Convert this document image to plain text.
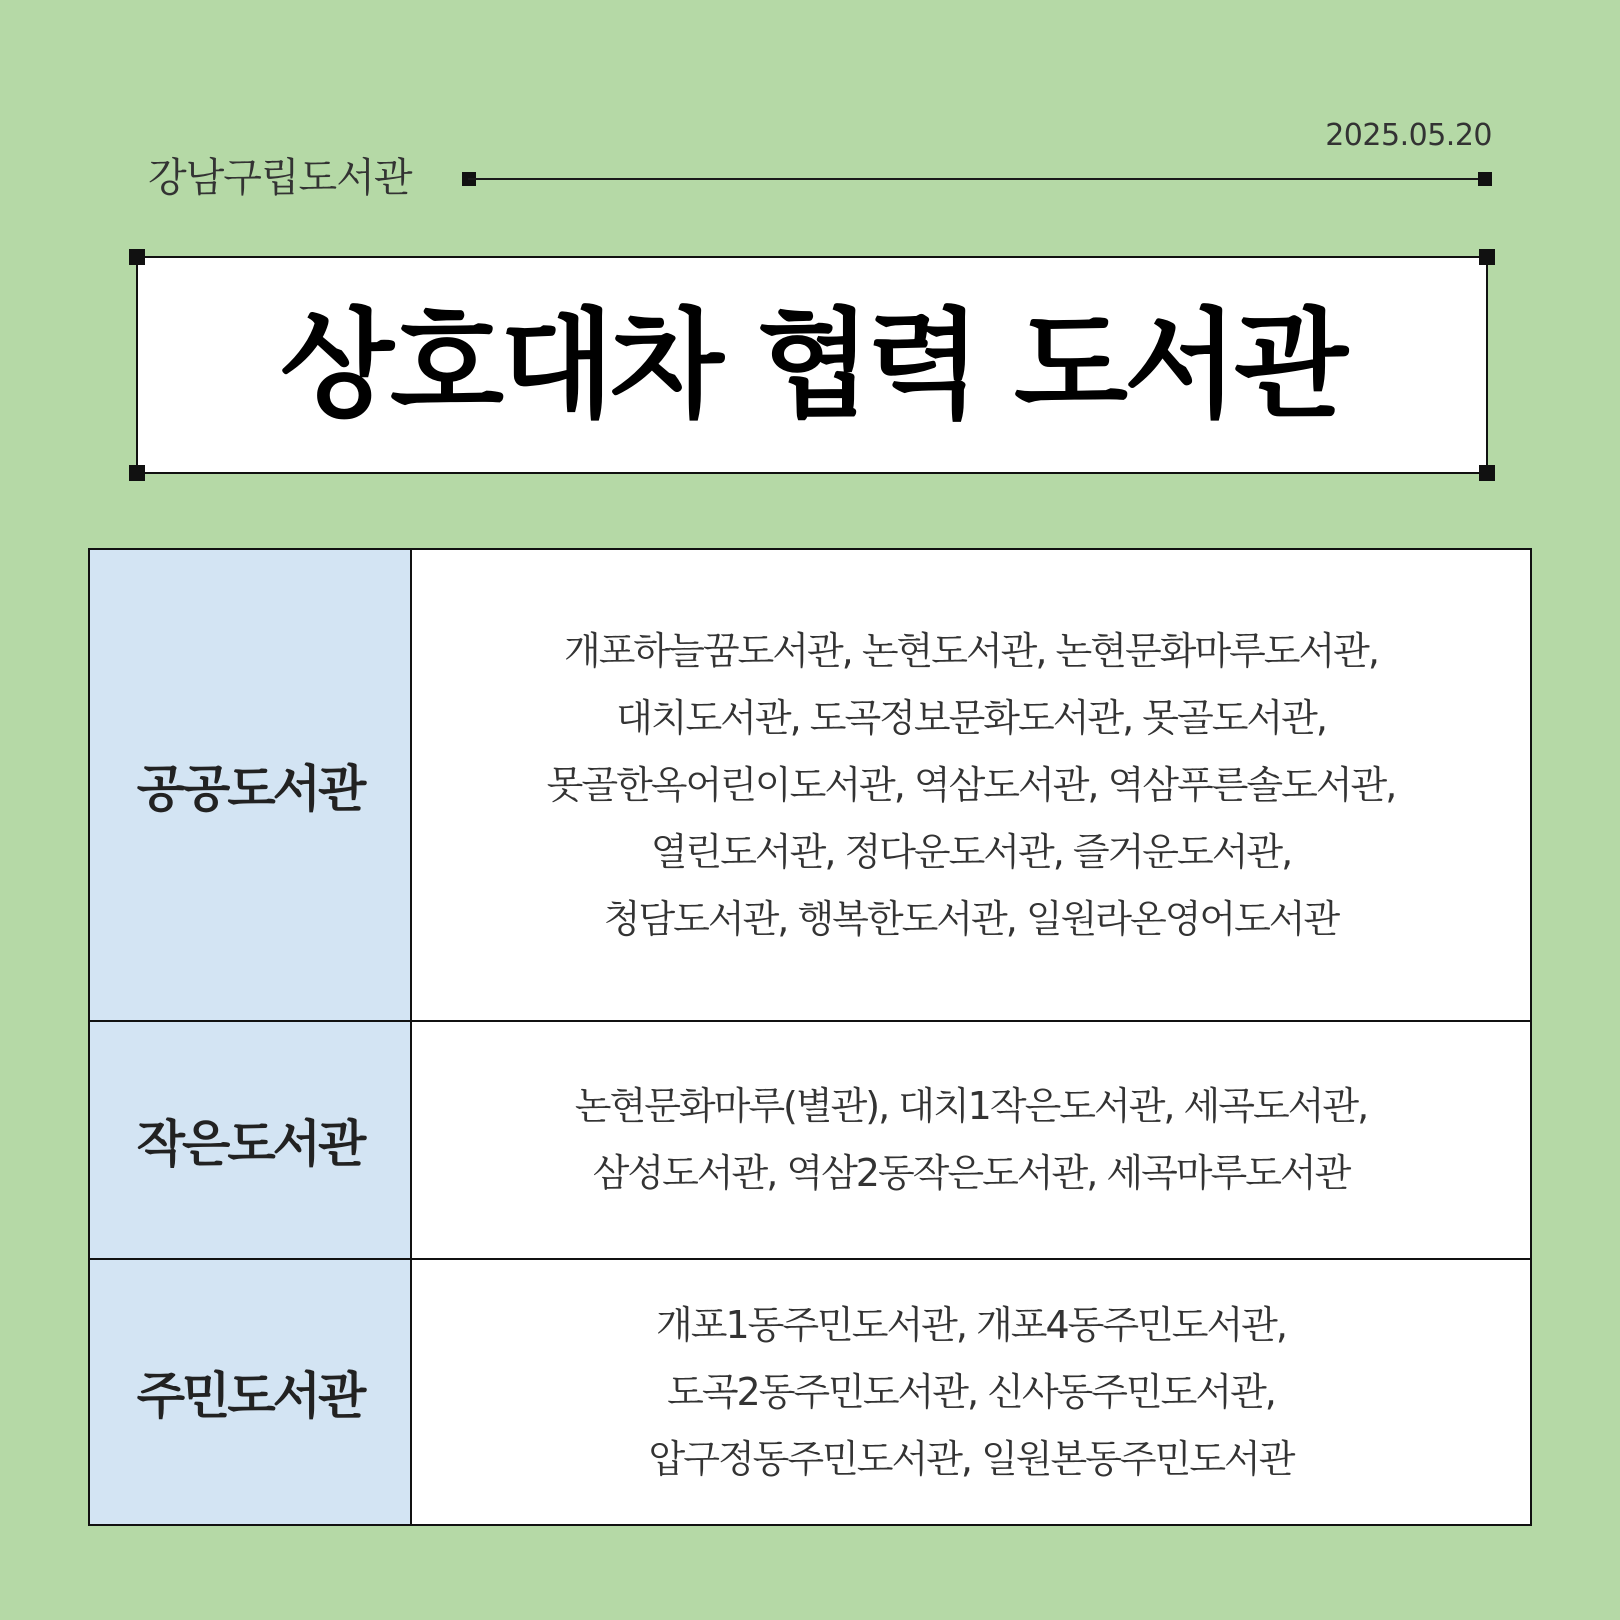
강남구립도서관
2025.05.20
상호대차 협력 도서관
공공도서관
개포하늘꿈도서관, 논현도서관, 논현문화마루도서관,
대치도서관, 도곡정보문화도서관, 못골도서관,
못골한옥어린이도서관, 역삼도서관, 역삼푸른솔도서관,
열린도서관, 정다운도서관, 즐거운도서관,
청담도서관, 행복한도서관, 일원라온영어도서관
작은도서관
논현문화마루(별관), 대치1작은도서관, 세곡도서관,
삼성도서관, 역삼2동작은도서관, 세곡마루도서관
주민도서관
개포1동주민도서관, 개포4동주민도서관,
도곡2동주민도서관, 신사동주민도서관,
압구정동주민도서관, 일원본동주민도서관
